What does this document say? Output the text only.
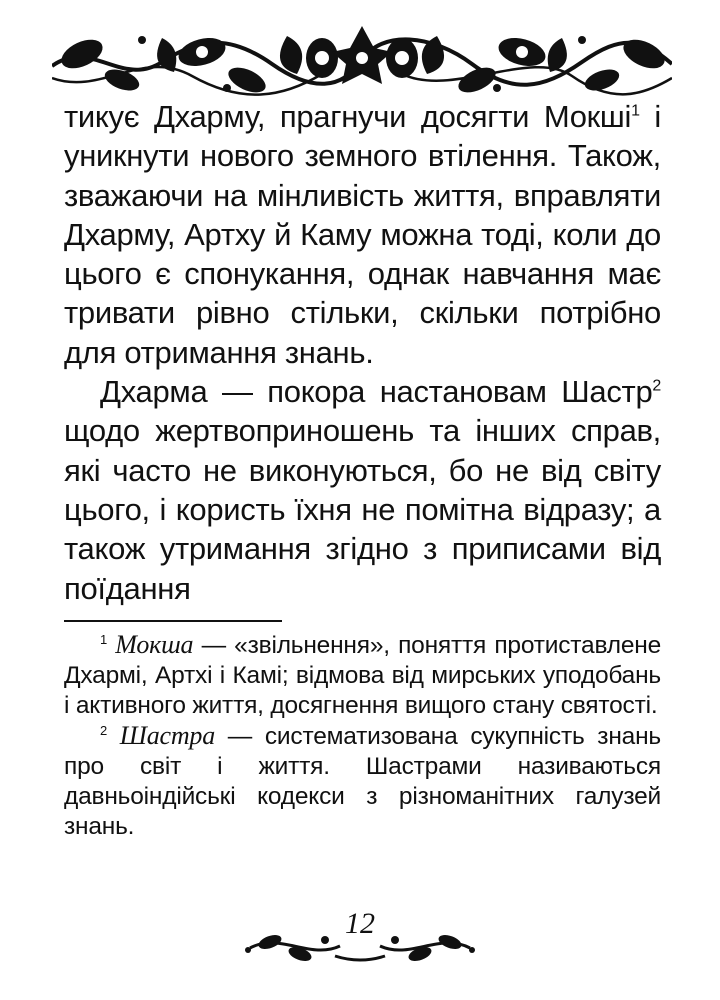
тикує Дхарму, прагнучи досягти Мокші$^1$ і уникнути нового земного втілення. Також, зважаючи на мінливість життя, вправляти Дхарму, Артху й Каму можна тоді, коли до цього є спонукання, однак навчання має тривати рівно стільки, скільки потрібно для отримання знань.

Дхарма — покора настановам Шастр$^2$ щодо жертвоприношень та інших справ, які часто не виконуються, бо не від світу цього, і користь їхня не помітна відразу; а також утримання згідно з приписами від поїдання

$^1$ Мокша — «звільнення», поняття протиставлене Дхармі, Артхі і Камі; відмова від мирських уподобань і активного життя, досягнення вищого стану святості.

$^2$ Шастра — систематизована сукупність знань про світ і життя. Шастрами називаються давньоіндійські кодекси з різноманітних галузей знань.

12
